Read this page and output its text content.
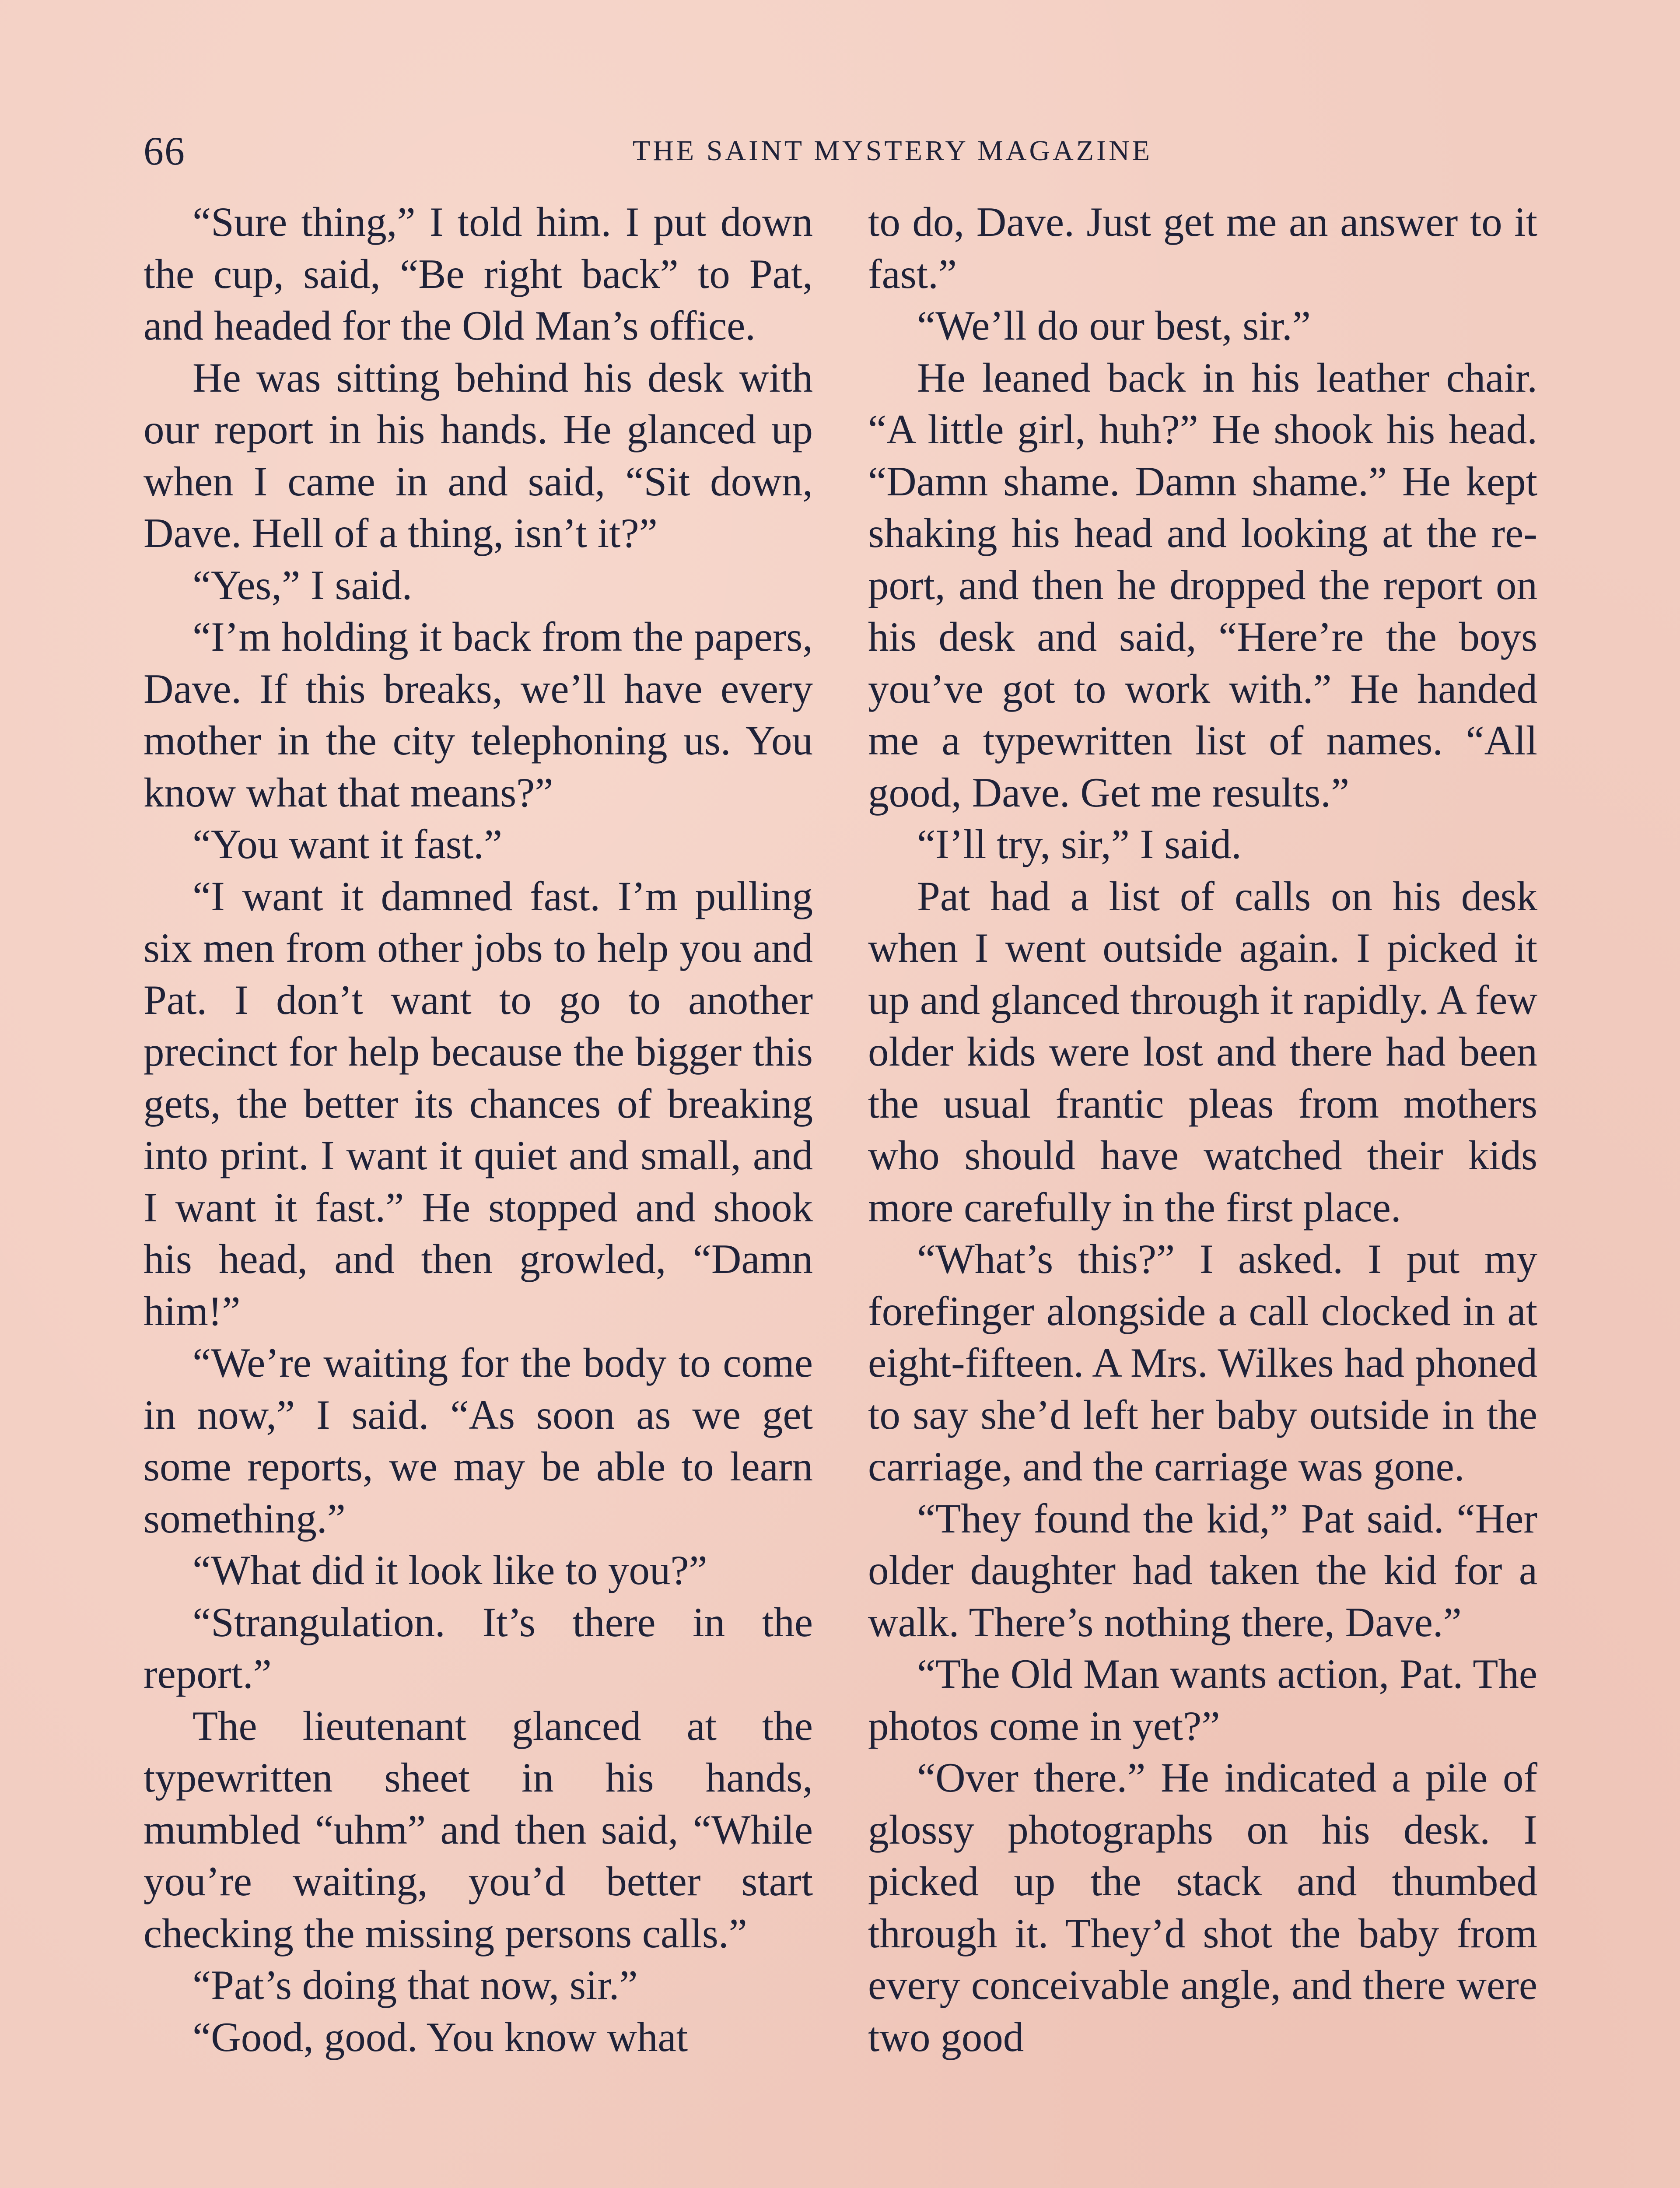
66	THE SAINT MYSTERY MAGAZINE

“Sure thing,” I told him. I put down the cup, said, “Be right back” to Pat, and headed for the Old Man’s office.

He was sitting behind his desk with our report in his hands. He glanced up when I came in and said, “Sit down, Dave. Hell of a thing, isn’t it?”

“Yes,” I said.

“I’m holding it back from the papers, Dave. If this breaks, we’ll have every mother in the city telephoning us. You know what that means?”

“You want it fast.”

“I want it damned fast. I’m pulling six men from other jobs to help you and Pat. I don’t want to go to another precinct for help because the bigger this gets, the better its chances of breaking into print. I want it quiet and small, and I want it fast.” He stopped and shook his head, and then growled, “Damn him!”

“We’re waiting for the body to come in now,” I said. “As soon as we get some reports, we may be able to learn something.”

“What did it look like to you?”

“Strangulation. It’s there in the report.”

The lieutenant glanced at the typewritten sheet in his hands, mumbled “uhm” and then said, “While you’re waiting, you’d better start checking the missing persons calls.”

“Pat’s doing that now, sir.”

“Good, good. You know what

to do, Dave. Just get me an answer to it fast.”

“We’ll do our best, sir.”

He leaned back in his leather chair. “A little girl, huh?” He shook his head. “Damn shame. Damn shame.” He kept shaking his head and looking at the report, and then he dropped the report on his desk and said, “Here’re the boys you’ve got to work with.” He handed me a typewritten list of names. “All good, Dave. Get me results.”

“I’ll try, sir,” I said.

Pat had a list of calls on his desk when I went outside again. I picked it up and glanced through it rapidly. A few older kids were lost and there had been the usual frantic pleas from mothers who should have watched their kids more carefully in the first place.

“What’s this?” I asked. I put my forefinger alongside a call clocked in at eight-fifteen. A Mrs. Wilkes had phoned to say she’d left her baby outside in the carriage, and the carriage was gone.

“They found the kid,” Pat said. “Her older daughter had taken the kid for a walk. There’s nothing there, Dave.”

“The Old Man wants action, Pat. The photos come in yet?”

“Over there.” He indicated a pile of glossy photographs on his desk. I picked up the stack and thumbed through it. They’d shot the baby from every conceivable angle, and there were two good
